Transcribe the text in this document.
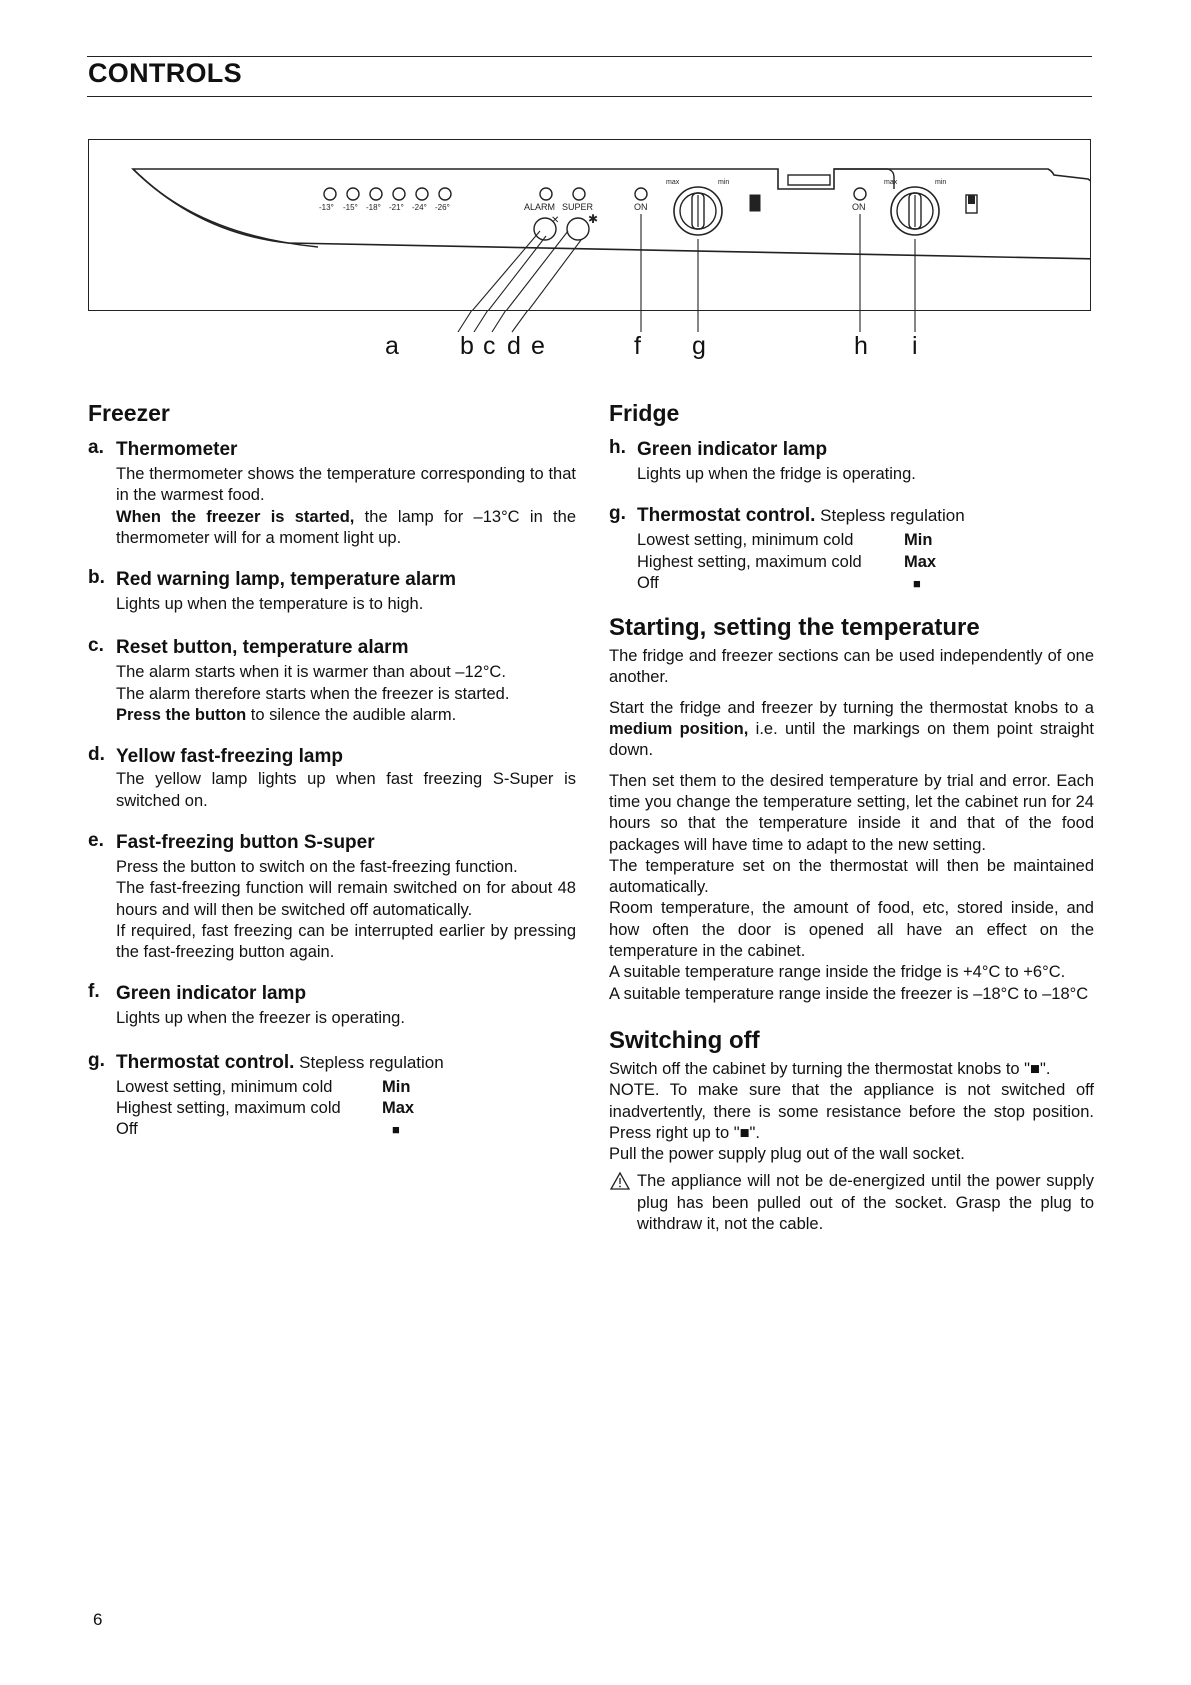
CONTROLS
-13° -15° -18° -21° -24° -26°	ALARM SUPER
✕ ✱
ON
max	min
ON
max	min
a b c d e	f g	h i
Freezer
a. Thermometer
The thermometer shows the temperature corresponding to that in the warmest food.
When the freezer is started, the lamp for –13°C in the thermometer will for a moment light up.
b. Red warning lamp, temperature alarm
Lights up when the temperature is to high.
c. Reset button, temperature alarm
The alarm starts when it is warmer than about –12°C.
The alarm therefore starts when the freezer is started.
Press the button to silence the audible alarm.
d. Yellow fast-freezing lamp
The yellow lamp lights up when fast freezing S-Super is switched on.
e. Fast-freezing button S-super
Press the button to switch on the fast-freezing function.
The fast-freezing function will remain switched on for about 48 hours and will then be switched off automatically.
If required, fast freezing can be interrupted earlier by pressing the fast-freezing button again.
f. Green indicator lamp
Lights up when the freezer is operating.
g. Thermostat control. Stepless regulation
Lowest setting, minimum cold	Min
Highest setting, maximum cold	Max
Off	■
Fridge
h. Green indicator lamp
Lights up when the fridge is operating.
g. Thermostat control. Stepless regulation
Lowest setting, minimum cold	Min
Highest setting, maximum cold	Max
Off	■
Starting, setting the temperature
The fridge and freezer sections can be used independently of one another.
Start the fridge and freezer by turning the thermostat knobs to a medium position, i.e. until the markings on them point straight down.
Then set them to the desired temperature by trial and error. Each time you change the temperature setting, let the cabinet run for 24 hours so that the temperature inside it and that of the food packages will have time to adapt to the new setting.
The temperature set on the thermostat will then be maintained automatically.
Room temperature, the amount of food, etc, stored inside, and how often the door is opened all have an effect on the temperature in the cabinet.
A suitable temperature range inside the fridge is +4°C to +6°C.
A suitable temperature range inside the freezer is –18°C to –18°C
Switching off
Switch off the cabinet by turning the thermostat knobs to "■".
NOTE. To make sure that the appliance is not switched off inadvertently, there is some resistance before the stop position. Press right up to "■".
Pull the power supply plug out of the wall socket.
The appliance will not be de-energized until the power supply plug has been pulled out of the socket. Grasp the plug to withdraw it, not the cable.
6
